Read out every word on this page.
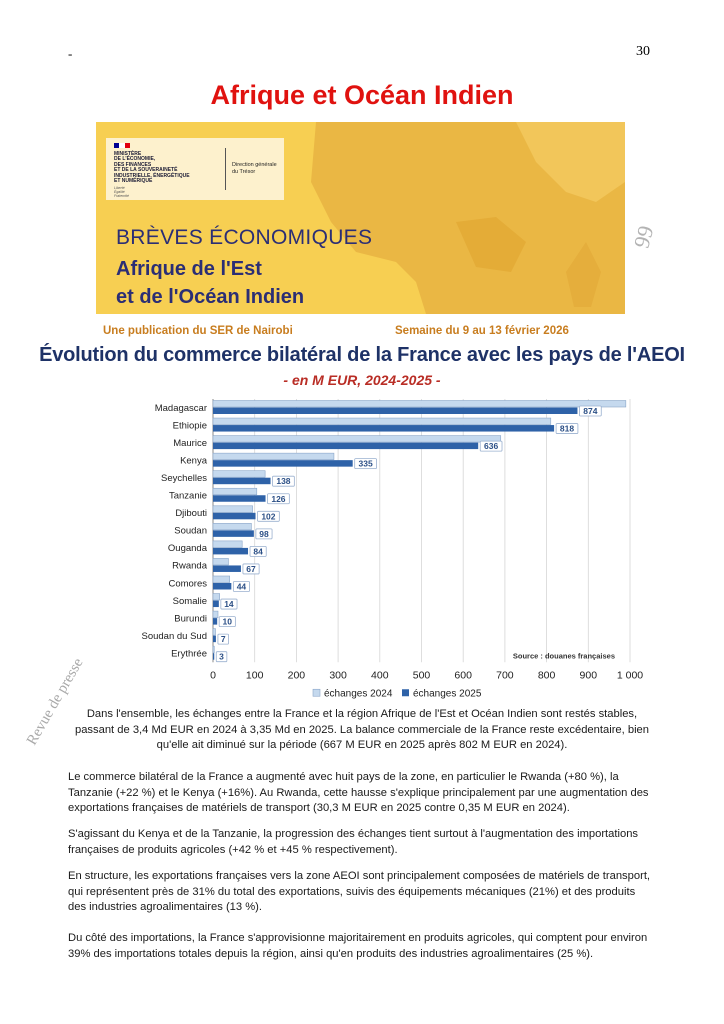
-	30
Afrique et Océan Indien
MINISTÈRE
DE L'ÉCONOMIE,
DES FINANCES
ET DE LA SOUVERAINETÉ
INDUSTRIELLE, ÉNERGÉTIQUE
ET NUMÉRIQUE
Liberté
Égalité
Fraternité
Direction générale
du Trésor
BRÈVES ÉCONOMIQUES
Afrique de l'Est
et de l'Océan Indien
99
Une publication du SER de Nairobi	Semaine du 9 au 13 février 2026
Évolution du commerce bilatéral de la France avec les pays de l'AEOI
- en M EUR, 2024-2025 -
0	100 200 300 400 500 600 700 800 900 1 000
Madagascar	874
Ethiopie	818
Maurice	636
Kenya	335
Seychelles	138
Tanzanie	126
Djibouti	102
Soudan	98
Ouganda	84
Rwanda	67
Comores	44
Somalie 14
Burundi 10
Soudan du Sud 7
Erythrée 3	Source : douanes françaises
échanges 2024 échanges 2025
Dans l'ensemble, les échanges entre la France et la région Afrique de l'Est et Océan Indien sont restés stables, passant de 3,4 Md EUR en 2024 à 3,35 Md en 2025. La balance commerciale de la France reste excédentaire, bien qu'elle ait diminué sur la période (667 M EUR en 2025 après 802 M EUR en 2024).
Le commerce bilatéral de la France a augmenté avec huit pays de la zone, en particulier le Rwanda (+80 %), la Tanzanie (+22 %) et le Kenya (+16%). Au Rwanda, cette hausse s'explique principalement par une augmentation des exportations françaises de matériels de transport (30,3 M EUR en 2025 contre 0,35 M EUR en 2024).
S'agissant du Kenya et de la Tanzanie, la progression des échanges tient surtout à l'augmentation des importations françaises de produits agricoles (+42 % et +45 % respectivement).
En structure, les exportations françaises vers la zone AEOI sont principalement composées de matériels de transport, qui représentent près de 31% du total des exportations, suivis des équipements mécaniques (21%) et des produits des industries agroalimentaires (13 %).
Du côté des importations, la France s'approvisionne majoritairement en produits agricoles, qui comptent pour environ 39% des importations totales depuis la région, ainsi qu'en produits des industries agroalimentaires (25 %).
Revue de presse
